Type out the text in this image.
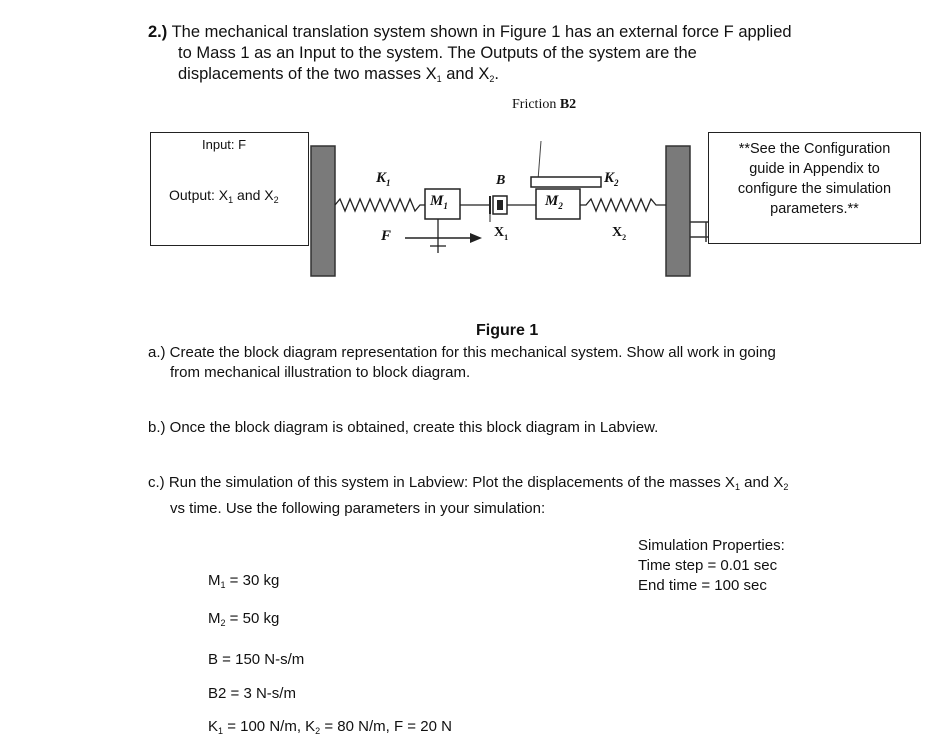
2.) The mechanical translation system shown in Figure 1 has an external force F applied
to Mass 1 as an Input to the system. The Outputs of the system are the
displacements of the two masses $X_1$ and $X_2$.
Friction B2
Input: F
Output: $X_1$ and $X_2$
**See the Configuration
guide in Appendix to
configure the simulation
parameters.**
$K_1$
$M_1$
B
$M_2$
$K_2$
F	$X_1$	$X_2$
Figure 1
a.) Create the block diagram representation for this mechanical system. Show all work in going
from mechanical illustration to block diagram.
b.) Once the block diagram is obtained, create this block diagram in Labview.
c.) Run the simulation of this system in Labview: Plot the displacements of the masses $X_1$ and $X_2$
vs time. Use the following parameters in your simulation:
Simulation Properties:
Time step = 0.01 sec
End time = 100 sec
$M_1 = 30$ kg
$M_2 = 50$ kg
B = 150 N-s/m
B2 = 3 N-s/m
$K_1 = 100$ N/m, $K_2 = 80$ N/m, F = 20 N
